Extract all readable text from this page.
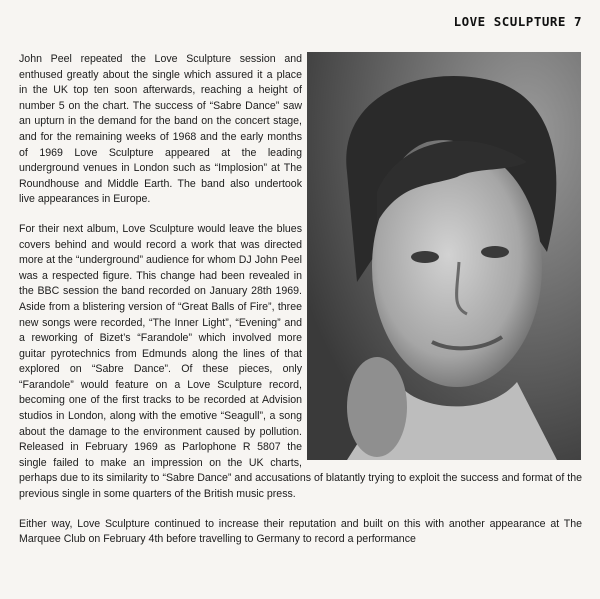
LOVE SCULPTURE 7

John Peel repeated the Love Sculpture session and enthused greatly about the single which assured it a place in the UK top ten soon afterwards, reaching a height of number 5 on the chart. The success of “Sabre Dance” saw an upturn in the demand for the band on the concert stage, and for the remaining weeks of 1968 and the early months of 1969 Love Sculpture appeared at the leading underground venues in London such as “Implosion” at The Roundhouse and Middle Earth. The band also undertook live appearances in Europe.

For their next album, Love Sculpture would leave the blues covers behind and would record a work that was directed more at the “underground” audience for whom DJ John Peel was a respected figure. This change had been revealed in the BBC session the band recorded on January 28th 1969. Aside from a blistering version of “Great Balls of Fire”, three new songs were recorded, “The Inner Light”, “Evening” and a reworking of Bizet’s “Farandole” which involved more guitar pyrotechnics from Edmunds along the lines of that explored on “Sabre Dance”. Of these pieces, only “Farandole” would feature on a Love Sculpture record, becoming one of the first tracks to be recorded at Advision studios in London, along with the emotive “Seagull”, a song about the damage to the environment caused by pollution. Released in February 1969 as Parlophone R 5807 the single failed to make an impression on the UK charts, perhaps due to its similarity to “Sabre Dance” and accusations of blatantly trying to exploit the success and format of the previous single in some quarters of the British music press.

Either way, Love Sculpture continued to increase their reputation and built on this with another appearance at The Marquee Club on February 4th before travelling to Germany to record a performance
